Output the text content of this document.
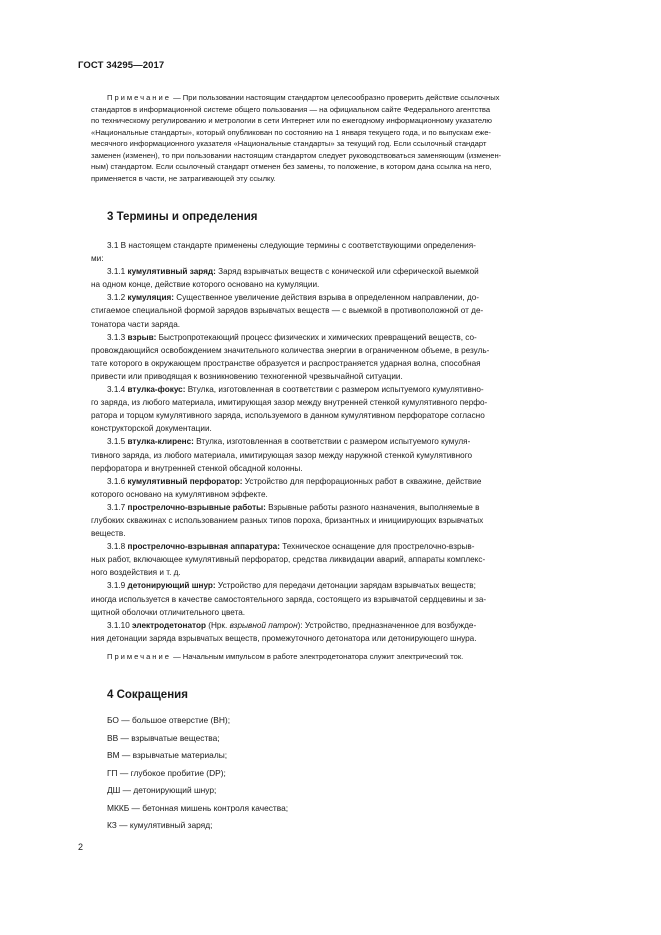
ГОСТ 34295—2017
Примечание — При пользовании настоящим стандартом целесообразно проверить действие ссылочных
стандартов в информационной системе общего пользования — на официальном сайте Федерального агентства
по техническому регулированию и метрологии в сети Интернет или по ежегодному информационному указателю
«Национальные стандарты», который опубликован по состоянию на 1 января текущего года, и по выпускам еже-
месячного информационного указателя «Национальные стандарты» за текущий год. Если ссылочный стандарт
заменен (изменен), то при пользовании настоящим стандартом следует руководствоваться заменяющим (изменен-
ным) стандартом. Если ссылочный стандарт отменен без замены, то положение, в котором дана ссылка на него,
применяется в части, не затрагивающей эту ссылку.
3 Термины и определения
3.1 В настоящем стандарте применены следующие термины с соответствующими определения-
ми:
3.1.1 кумулятивный заряд: Заряд взрывчатых веществ с конической или сферической выемкой
на одном конце, действие которого основано на кумуляции.
3.1.2 кумуляция: Существенное увеличение действия взрыва в определенном направлении, до-
стигаемое специальной формой зарядов взрывчатых веществ — с выемкой в противоположной от де-
тонатора части заряда.
3.1.3 взрыв: Быстропротекающий процесс физических и химических превращений веществ, со-
провождающийся освобождением значительного количества энергии в ограниченном объеме, в резуль-
тате которого в окружающем пространстве образуется и распространяется ударная волна, способная
привести или приводящая к возникновению техногенной чрезвычайной ситуации.
3.1.4 втулка-фокус: Втулка, изготовленная в соответствии с размером испытуемого кумулятивно-
го заряда, из любого материала, имитирующая зазор между внутренней стенкой кумулятивного перфо-
ратора и торцом кумулятивного заряда, используемого в данном кумулятивном перфораторе согласно
конструкторской документации.
3.1.5 втулка-клиренс: Втулка, изготовленная в соответствии с размером испытуемого кумуля-
тивного заряда, из любого материала, имитирующая зазор между наружной стенкой кумулятивного
перфоратора и внутренней стенкой обсадной колонны.
3.1.6 кумулятивный перфоратор: Устройство для перфорационных работ в скважине, действие
которого основано на кумулятивном эффекте.
3.1.7 прострелочно-взрывные работы: Взрывные работы разного назначения, выполняемые в
глубоких скважинах с использованием разных типов пороха, бризантных и инициирующих взрывчатых
веществ.
3.1.8 прострелочно-взрывная аппаратура: Техническое оснащение для прострелочно-взрыв-
ных работ, включающее кумулятивный перфоратор, средства ликвидации аварий, аппараты комплекс-
ного воздействия и т. д.
3.1.9 детонирующий шнур: Устройство для передачи детонации зарядам взрывчатых веществ;
иногда используется в качестве самостоятельного заряда, состоящего из взрывчатой сердцевины и за-
щитной оболочки отличительного цвета.
3.1.10 электродетонатор (Нрк. взрывной патрон): Устройство, предназначенное для возбужде-
ния детонации заряда взрывчатых веществ, промежуточного детонатора или детонирующего шнура.
Примечание — Начальным импульсом в работе электродетонатора служит электрический ток.
4 Сокращения
БО — большое отверстие (BH);
ВВ — взрывчатые вещества;
ВМ — взрывчатые материалы;
ГП — глубокое пробитие (DP);
ДШ — детонирующий шнур;
МККБ — бетонная мишень контроля качества;
КЗ — кумулятивный заряд;
2
